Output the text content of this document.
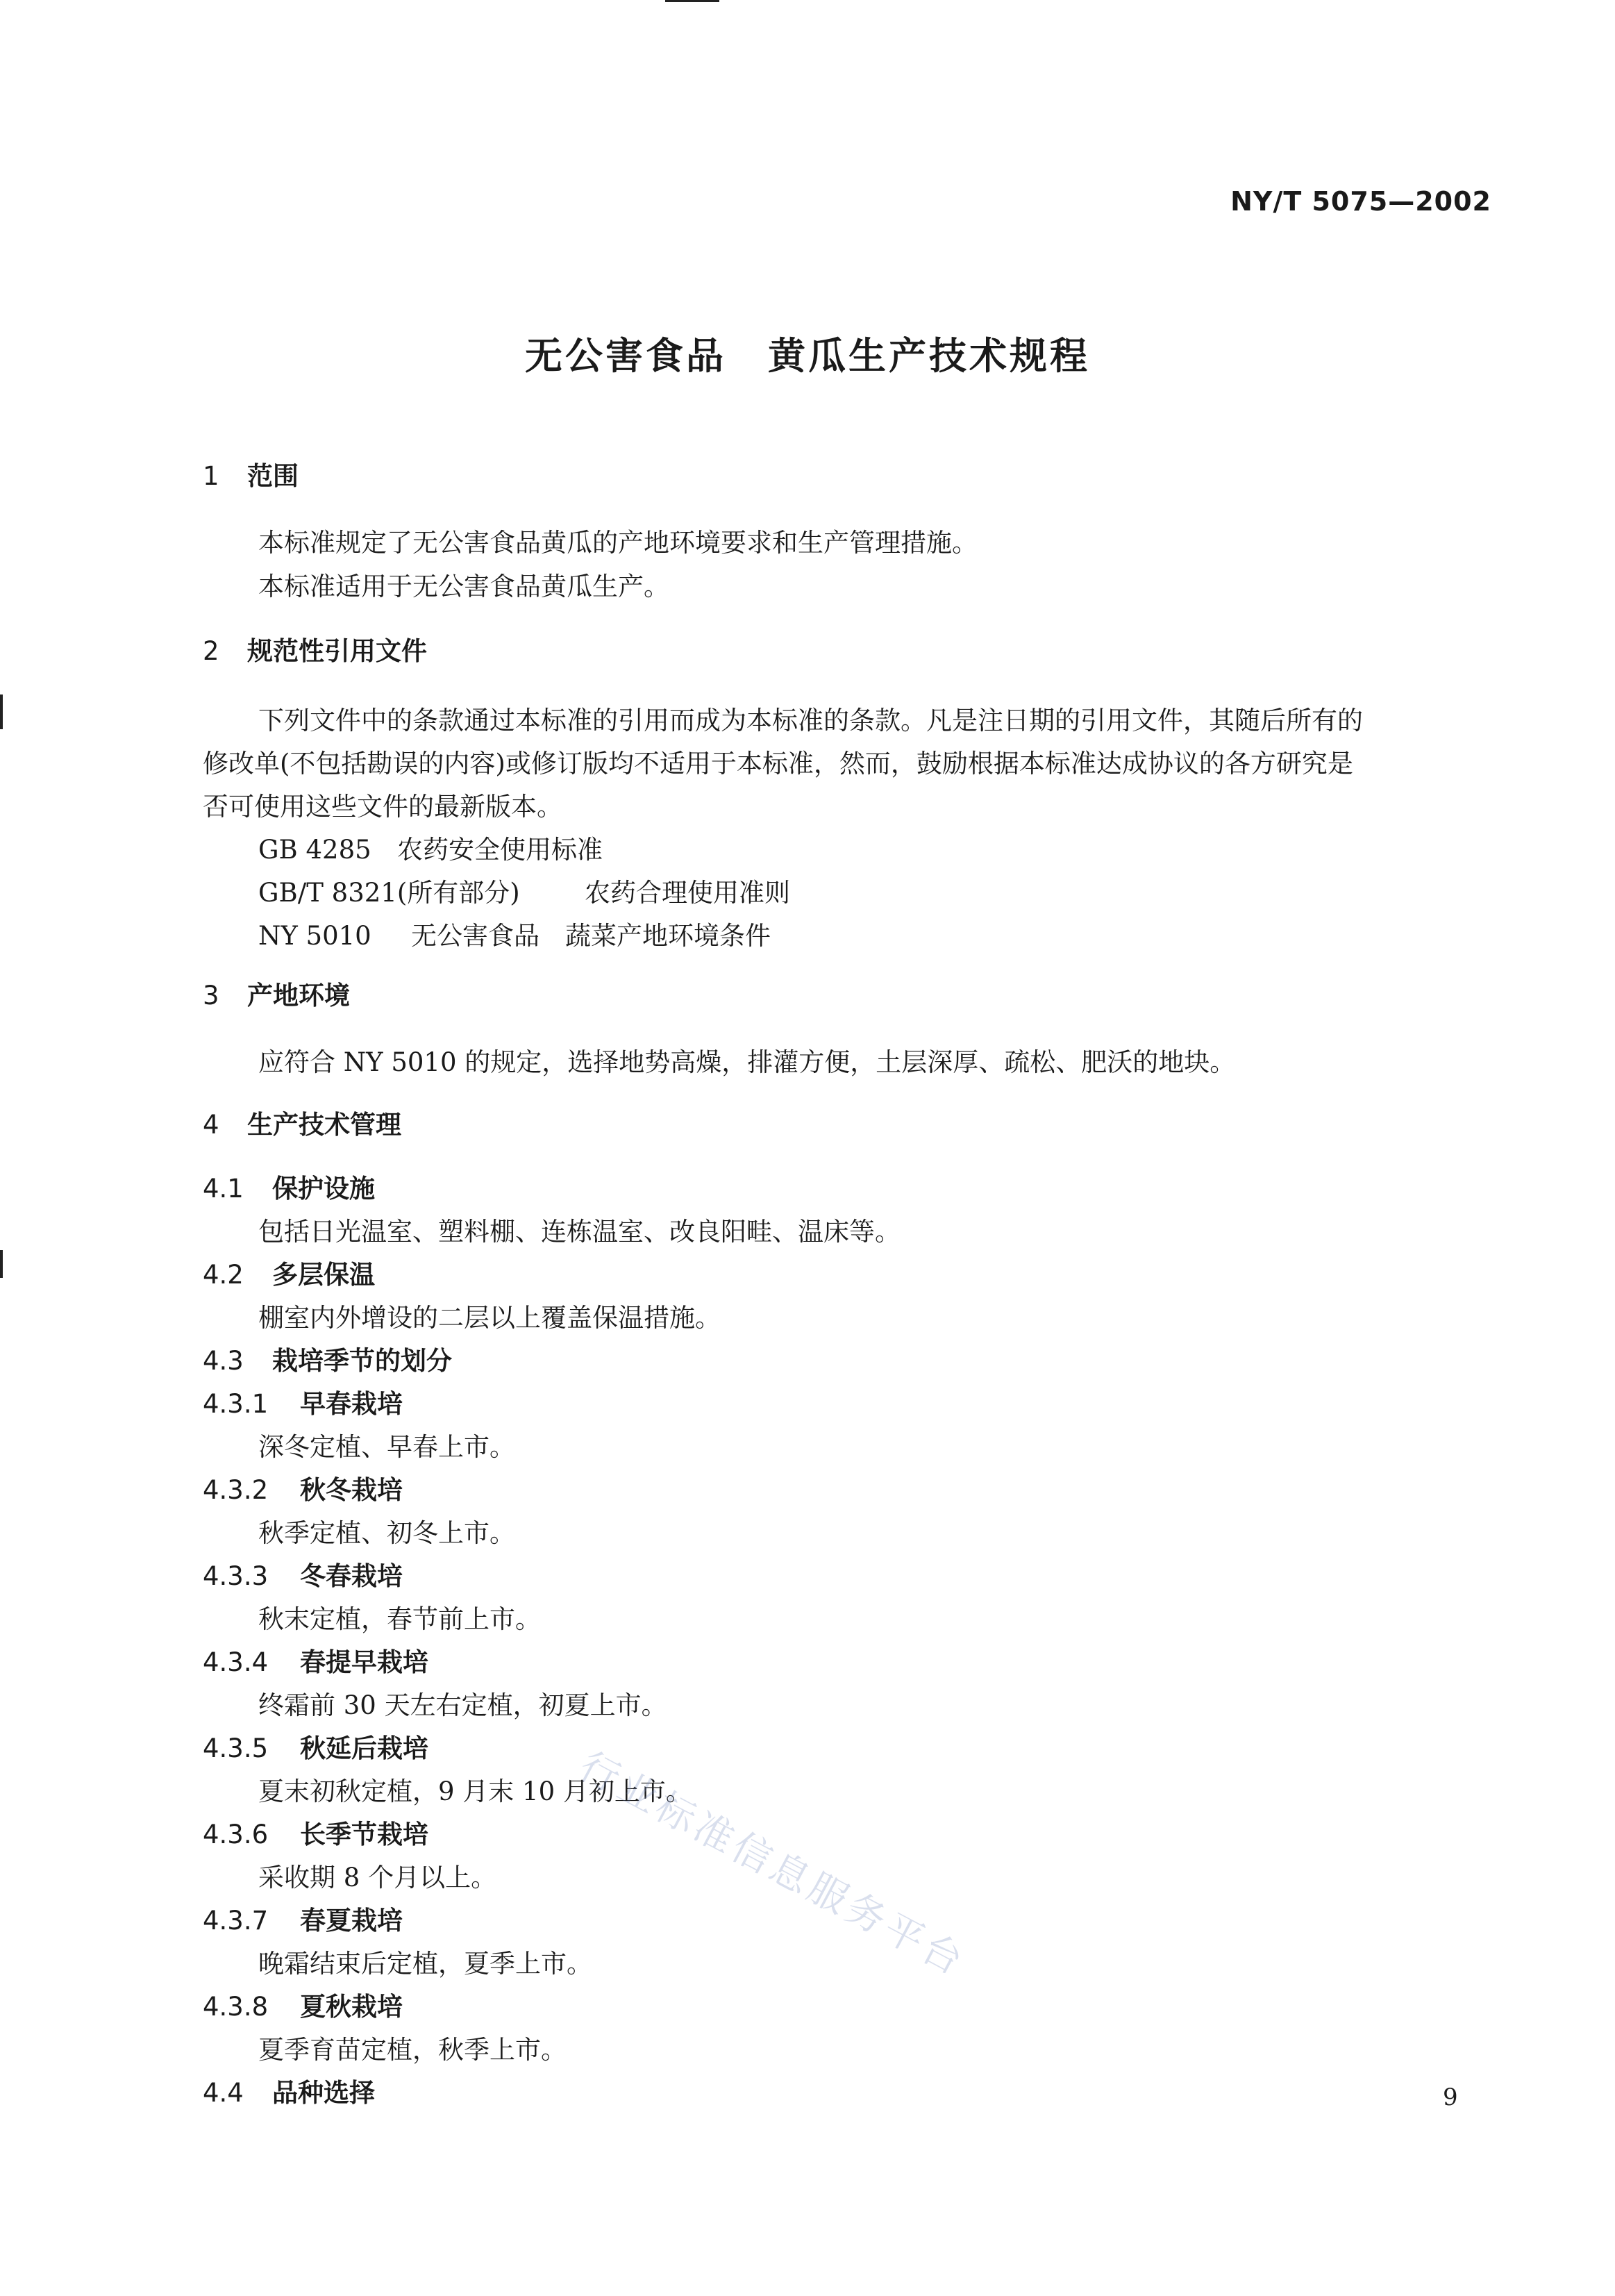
NY/T 5075—2002
无公害食品 黄瓜生产技术规程
1 范围
本标准规定了无公害食品黄瓜的产地环境要求和生产管理措施。
本标准适用于无公害食品黄瓜生产。
2 规范性引用文件
下列文件中的条款通过本标准的引用而成为本标准的条款。凡是注日期的引用文件，其随后所有的
修改单(不包括勘误的内容)或修订版均不适用于本标准，然而，鼓励根据本标准达成协议的各方研究是
否可使用这些文件的最新版本。
GB 4285 农药安全使用标准
GB/T 8321(所有部分)	农药合理使用准则
NY 5010 无公害食品　蔬菜产地环境条件
3 产地环境
应符合 NY 5010 的规定，选择地势高燥，排灌方便，土层深厚、疏松、肥沃的地块。
4 生产技术管理
4.1 保护设施
包括日光温室、塑料棚、连栋温室、改良阳畦、温床等。
4.2 多层保温
棚室内外增设的二层以上覆盖保温措施。
4.3 栽培季节的划分
4.3.1 早春栽培
深冬定植、早春上市。
4.3.2 秋冬栽培
秋季定植、初冬上市。
4.3.3 冬春栽培
秋末定植，春节前上市。
4.3.4 春提早栽培
终霜前 30 天左右定植，初夏上市。
4.3.5 秋延后栽培
夏末初秋定植，9 月末 10 月初上市。
4.3.6 长季节栽培
采收期 8 个月以上。
4.3.7 春夏栽培
晚霜结束后定植，夏季上市。
4.3.8 夏秋栽培
夏季育苗定植，秋季上市。
4.4 品种选择	9
行业标准信息服务平台
